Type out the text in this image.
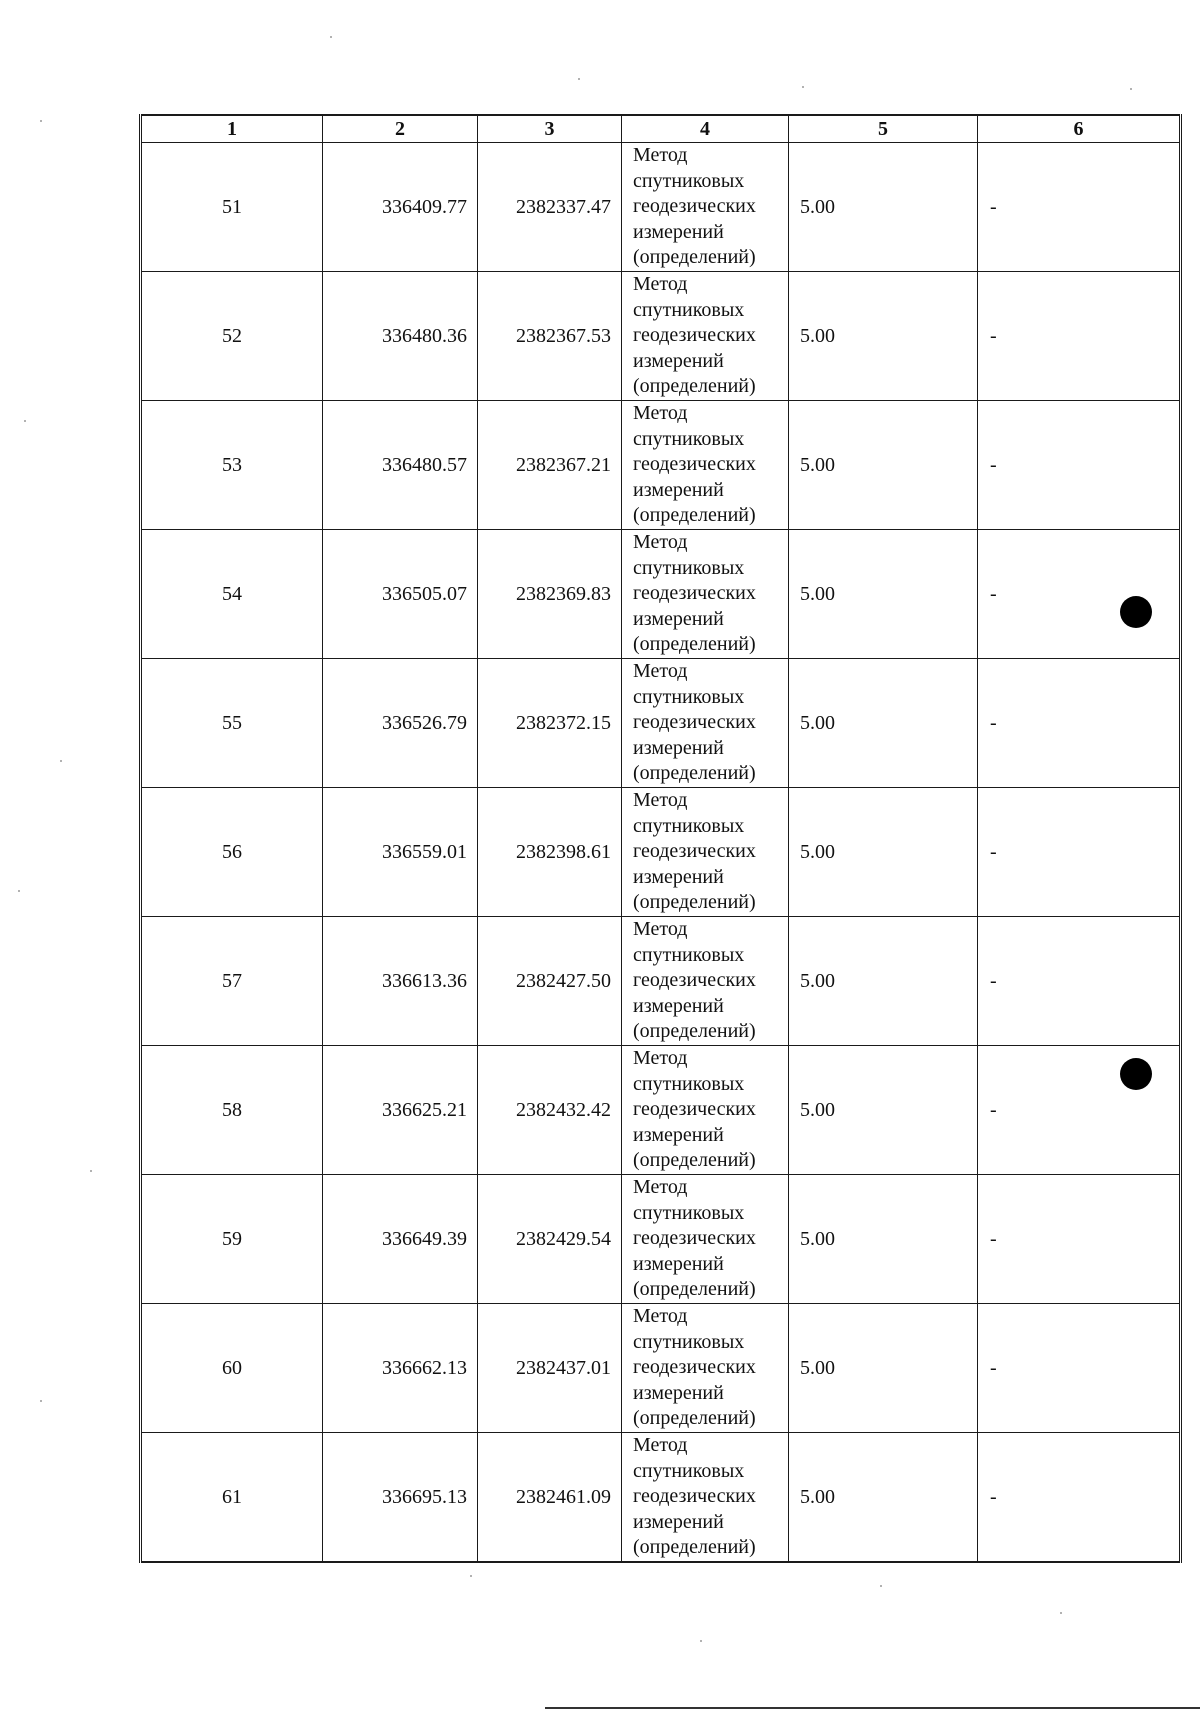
1	2	3	4	5	6
51	336409.77	2382337.47	Метод
спутниковых
геодезических
измерений
(определений)	5.00	-
52	336480.36	2382367.53	Метод
спутниковых
геодезических
измерений
(определений)	5.00	-
53	336480.57	2382367.21	Метод
спутниковых
геодезических
измерений
(определений)	5.00	-
54	336505.07	2382369.83	Метод
спутниковых
геодезических
измерений
(определений)	5.00	-
55	336526.79	2382372.15	Метод
спутниковых
геодезических
измерений
(определений)	5.00	-
56	336559.01	2382398.61	Метод
спутниковых
геодезических
измерений
(определений)	5.00	-
57	336613.36	2382427.50	Метод
спутниковых
геодезических
измерений
(определений)	5.00	-
58	336625.21	2382432.42	Метод
спутниковых
геодезических
измерений
(определений)	5.00	-
59	336649.39	2382429.54	Метод
спутниковых
геодезических
измерений
(определений)	5.00	-
60	336662.13	2382437.01	Метод
спутниковых
геодезических
измерений
(определений)	5.00	-
61	336695.13	2382461.09	Метод
спутниковых
геодезических
измерений
(определений)	5.00	-
